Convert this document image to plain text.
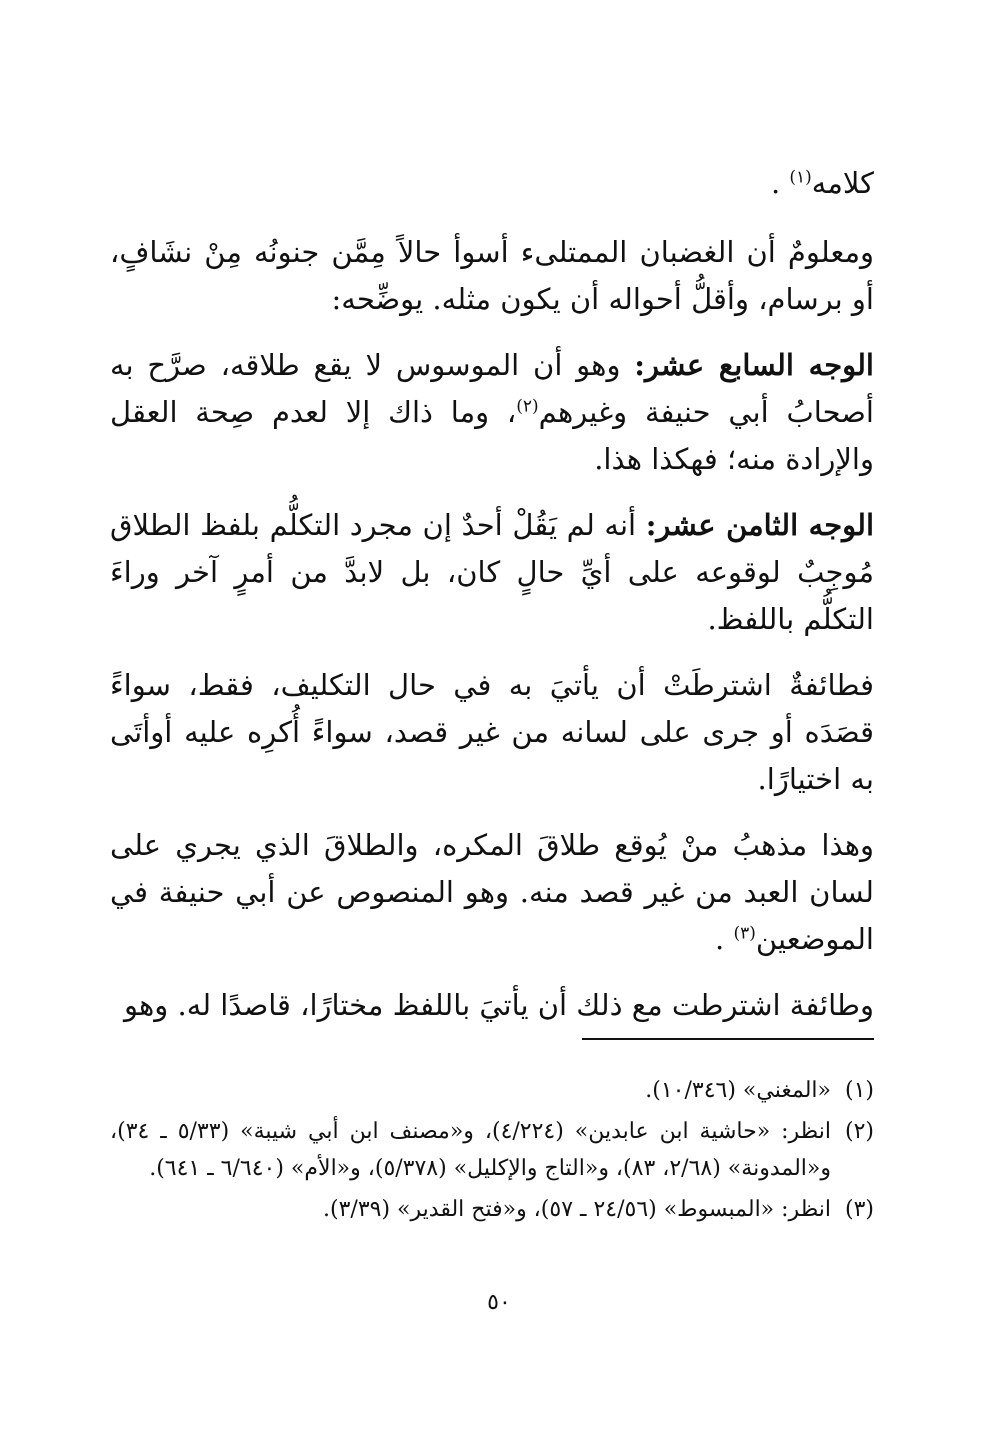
كلامه$^{(١)}$ .

ومعلومٌ أن الغضبان الممتلىء أسوأ حالاً مِمَّن جنونُه مِنْ نشَافٍ، أو برسام، وأقلُّ أحواله أن يكون مثله. يوضِّحه:

الوجه السابع عشر: وهو أن الموسوس لا يقع طلاقه، صرَّح به أصحابُ أبي حنيفة وغيرهم$^{(٢)}$، وما ذاك إلا لعدم صِحة العقل والإرادة منه؛ فهكذا هذا.

الوجه الثامن عشر: أنه لم يَقُلْ أحدٌ إن مجرد التكلُّم بلفظ الطلاق مُوجِبٌ لوقوعه على أيِّ حالٍ كان، بل لابدَّ من أمرٍ آخر وراءَ التكلُّم باللفظ.

فطائفةٌ اشترطَتْ أن يأتيَ به في حال التكليف، فقط، سواءً قصَدَه أو جرى على لسانه من غير قصد، سواءً أُكرِه عليه أوأتَى به اختيارًا.

وهذا مذهبُ منْ يُوقع طلاقَ المكره، والطلاقَ الذي يجري على لسان العبد من غير قصد منه. وهو المنصوص عن أبي حنيفة في الموضعين$^{(٣)}$ .

وطائفة اشترطت مع ذلك أن يأتيَ باللفظ مختارًا، قاصدًا له. وهو

(١)
«المغني» (١٠/٣٤٦).
(٢)
انظر: «حاشية ابن عابدين» (٤/٢٢٤)، و«مصنف ابن أبي شيبة» (٥/٣٣ ـ ٣٤)، و«المدونة» (٢/٦٨، ٨٣)، و«التاج والإكليل» (٥/٣٧٨)، و«الأم» (٦/٦٤٠ ـ ٦٤١).
(٣)
انظر: «المبسوط» (٢٤/٥٦ ـ ٥٧)، و«فتح القدير» (٣/٣٩).
٥٠
